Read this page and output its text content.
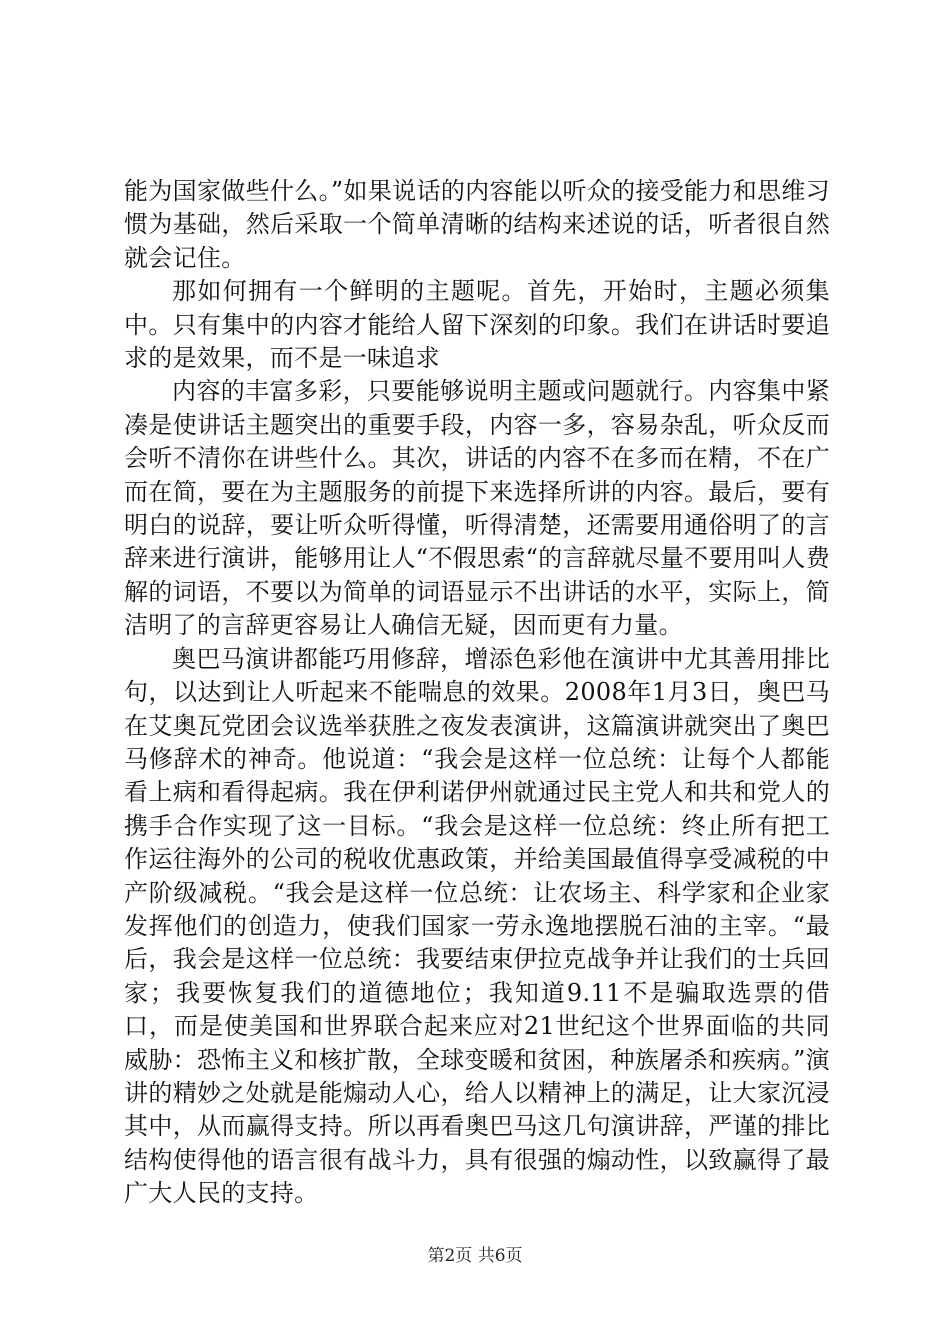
能为国家做些什么。”如果说话的内容能以听众的接受能力和思维习惯为基础，然后采取一个简单清晰的结构来述说的话，听者很自然就会记住。

那如何拥有一个鲜明的主题呢。首先，开始时，主题必须集中。只有集中的内容才能给人留下深刻的印象。我们在讲话时要追求的是效果，而不是一味追求

内容的丰富多彩，只要能够说明主题或问题就行。内容集中紧凑是使讲话主题突出的重要手段，内容一多，容易杂乱，听众反而会听不清你在讲些什么。其次，讲话的内容不在多而在精，不在广而在简，要在为主题服务的前提下来选择所讲的内容。最后，要有明白的说辞，要让听众听得懂，听得清楚，还需要用通俗明了的言辞来进行演讲，能够用让人“不假思索“的言辞就尽量不要用叫人费解的词语，不要以为简单的词语显示不出讲话的水平，实际上，简洁明了的言辞更容易让人确信无疑，因而更有力量。

奥巴马演讲都能巧用修辞，增添色彩他在演讲中尤其善用排比句，以达到让人听起来不能喘息的效果。2008年1月3日，奥巴马在艾奥瓦党团会议选举获胜之夜发表演讲，这篇演讲就突出了奥巴马修辞术的神奇。他说道：“我会是这样一位总统：让每个人都能看上病和看得起病。我在伊利诺伊州就通过民主党人和共和党人的携手合作实现了这一目标。“我会是这样一位总统：终止所有把工作运往海外的公司的税收优惠政策，并给美国最值得享受减税的中产阶级减税。“我会是这样一位总统：让农场主、科学家和企业家发挥他们的创造力，使我们国家一劳永逸地摆脱石油的主宰。“最后，我会是这样一位总统：我要结束伊拉克战争并让我们的士兵回家；我要恢复我们的道德地位；我知道9.11不是骗取选票的借口，而是使美国和世界联合起来应对21世纪这个世界面临的共同威胁：恐怖主义和核扩散，全球变暖和贫困，种族屠杀和疾病。”演讲的精妙之处就是能煽动人心，给人以精神上的满足，让大家沉浸其中，从而赢得支持。所以再看奥巴马这几句演讲辞，严谨的排比结构使得他的语言很有战斗力，具有很强的煽动性，以致赢得了最广大人民的支持。

第2页 共6页
